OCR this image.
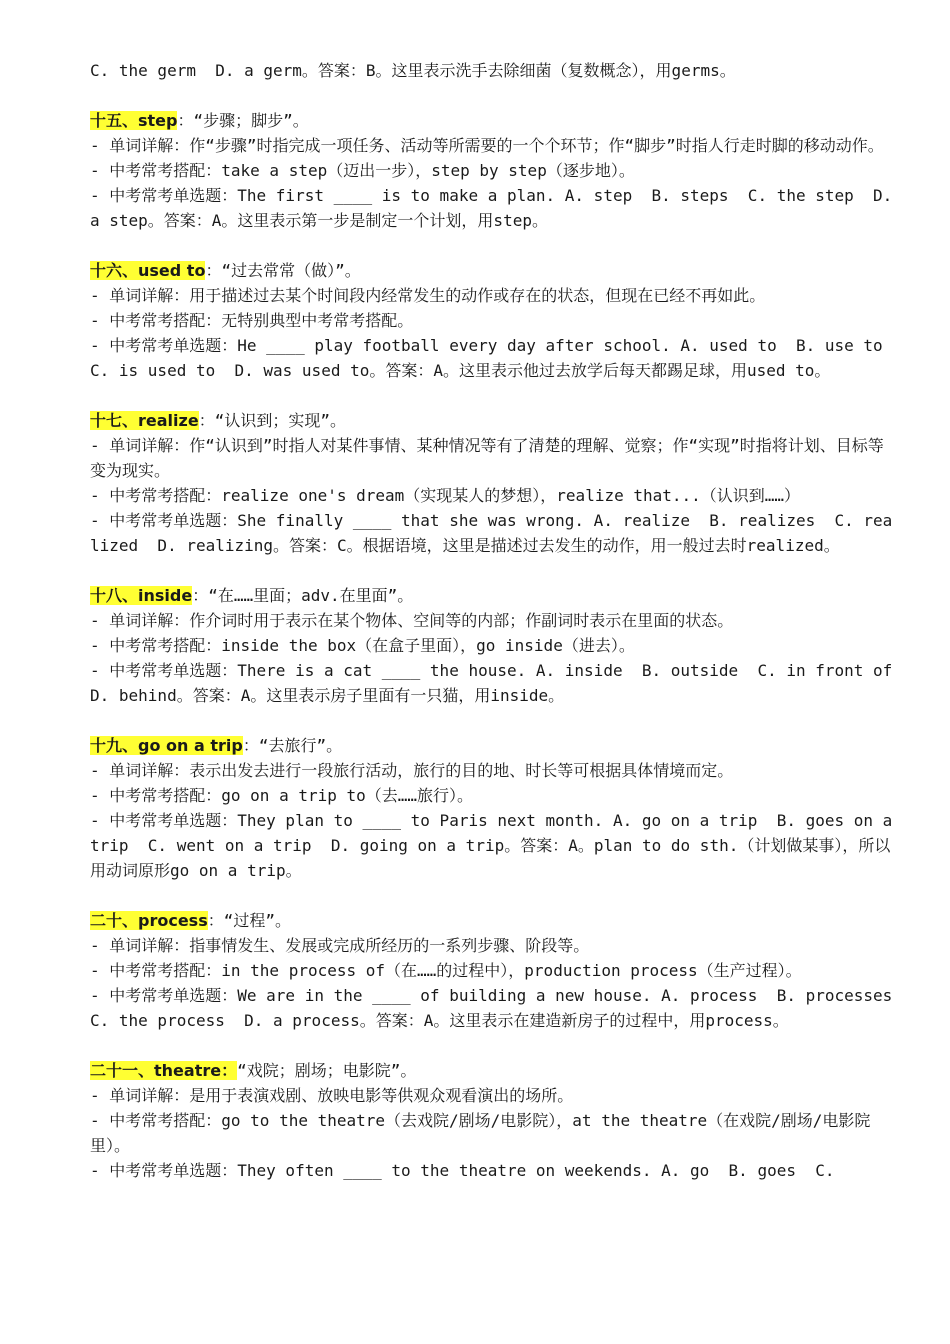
C. the germ  D. a germ。答案：B。这里表示洗手去除细菌（复数概念），用germs。
十五、step：“步骤；脚步”。
- 单词详解：作“步骤”时指完成一项任务、活动等所需要的一个个环节；作“脚步”时指人行走时脚的移动动作。
- 中考常考搭配：take a step（迈出一步），step by step（逐步地）。
- 中考常考单选题：The first ____ is to make a plan. A. step  B. steps  C. the step  D. a step。答案：A。这里表示第一步是制定一个计划，用step。
十六、used to：“过去常常（做）”。
- 单词详解：用于描述过去某个时间段内经常发生的动作或存在的状态，但现在已经不再如此。
- 中考常考搭配：无特别典型中考常考搭配。
- 中考常考单选题：He ____ play football every day after school. A. used to  B. use to  C. is used to  D. was used to。答案：A。这里表示他过去放学后每天都踢足球，用used to。
十七、realize：“认识到；实现”。
- 单词详解：作“认识到”时指人对某件事情、某种情况等有了清楚的理解、觉察；作“实现”时指将计划、目标等变为现实。
- 中考常考搭配：realize one's dream（实现某人的梦想），realize that...（认识到……）
- 中考常考单选题：She finally ____ that she was wrong. A. realize  B. realizes  C. realized  D. realizing。答案：C。根据语境，这里是描述过去发生的动作，用一般过去时realized。
十八、inside：“在……里面；adv.在里面”。
- 单词详解：作介词时用于表示在某个物体、空间等的内部；作副词时表示在里面的状态。
- 中考常考搭配：inside the box（在盒子里面），go inside（进去）。
- 中考常考单选题：There is a cat ____ the house. A. inside  B. outside  C. in front of  D. behind。答案：A。这里表示房子里面有一只猫，用inside。
十九、go on a trip：“去旅行”。
- 单词详解：表示出发去进行一段旅行活动，旅行的目的地、时长等可根据具体情境而定。
- 中考常考搭配：go on a trip to（去……旅行）。
- 中考常考单选题：They plan to ____ to Paris next month. A. go on a trip  B. goes on a trip  C. went on a trip  D. going on a trip。答案：A。plan to do sth.（计划做某事），所以用动词原形go on a trip。
二十、process：“过程”。
- 单词详解：指事情发生、发展或完成所经历的一系列步骤、阶段等。
- 中考常考搭配：in the process of（在……的过程中），production process（生产过程）。
- 中考常考单选题：We are in the ____ of building a new house. A. process  B. processes  C. the process  D. a process。答案：A。这里表示在建造新房子的过程中，用process。
二十一、theatre：“戏院；剧场；电影院”。
- 单词详解：是用于表演戏剧、放映电影等供观众观看演出的场所。
- 中考常考搭配：go to the theatre（去戏院/剧场/电影院），at the theatre（在戏院/剧场/电影院里）。
- 中考常考单选题：They often ____ to the theatre on weekends. A. go  B. goes  C.
